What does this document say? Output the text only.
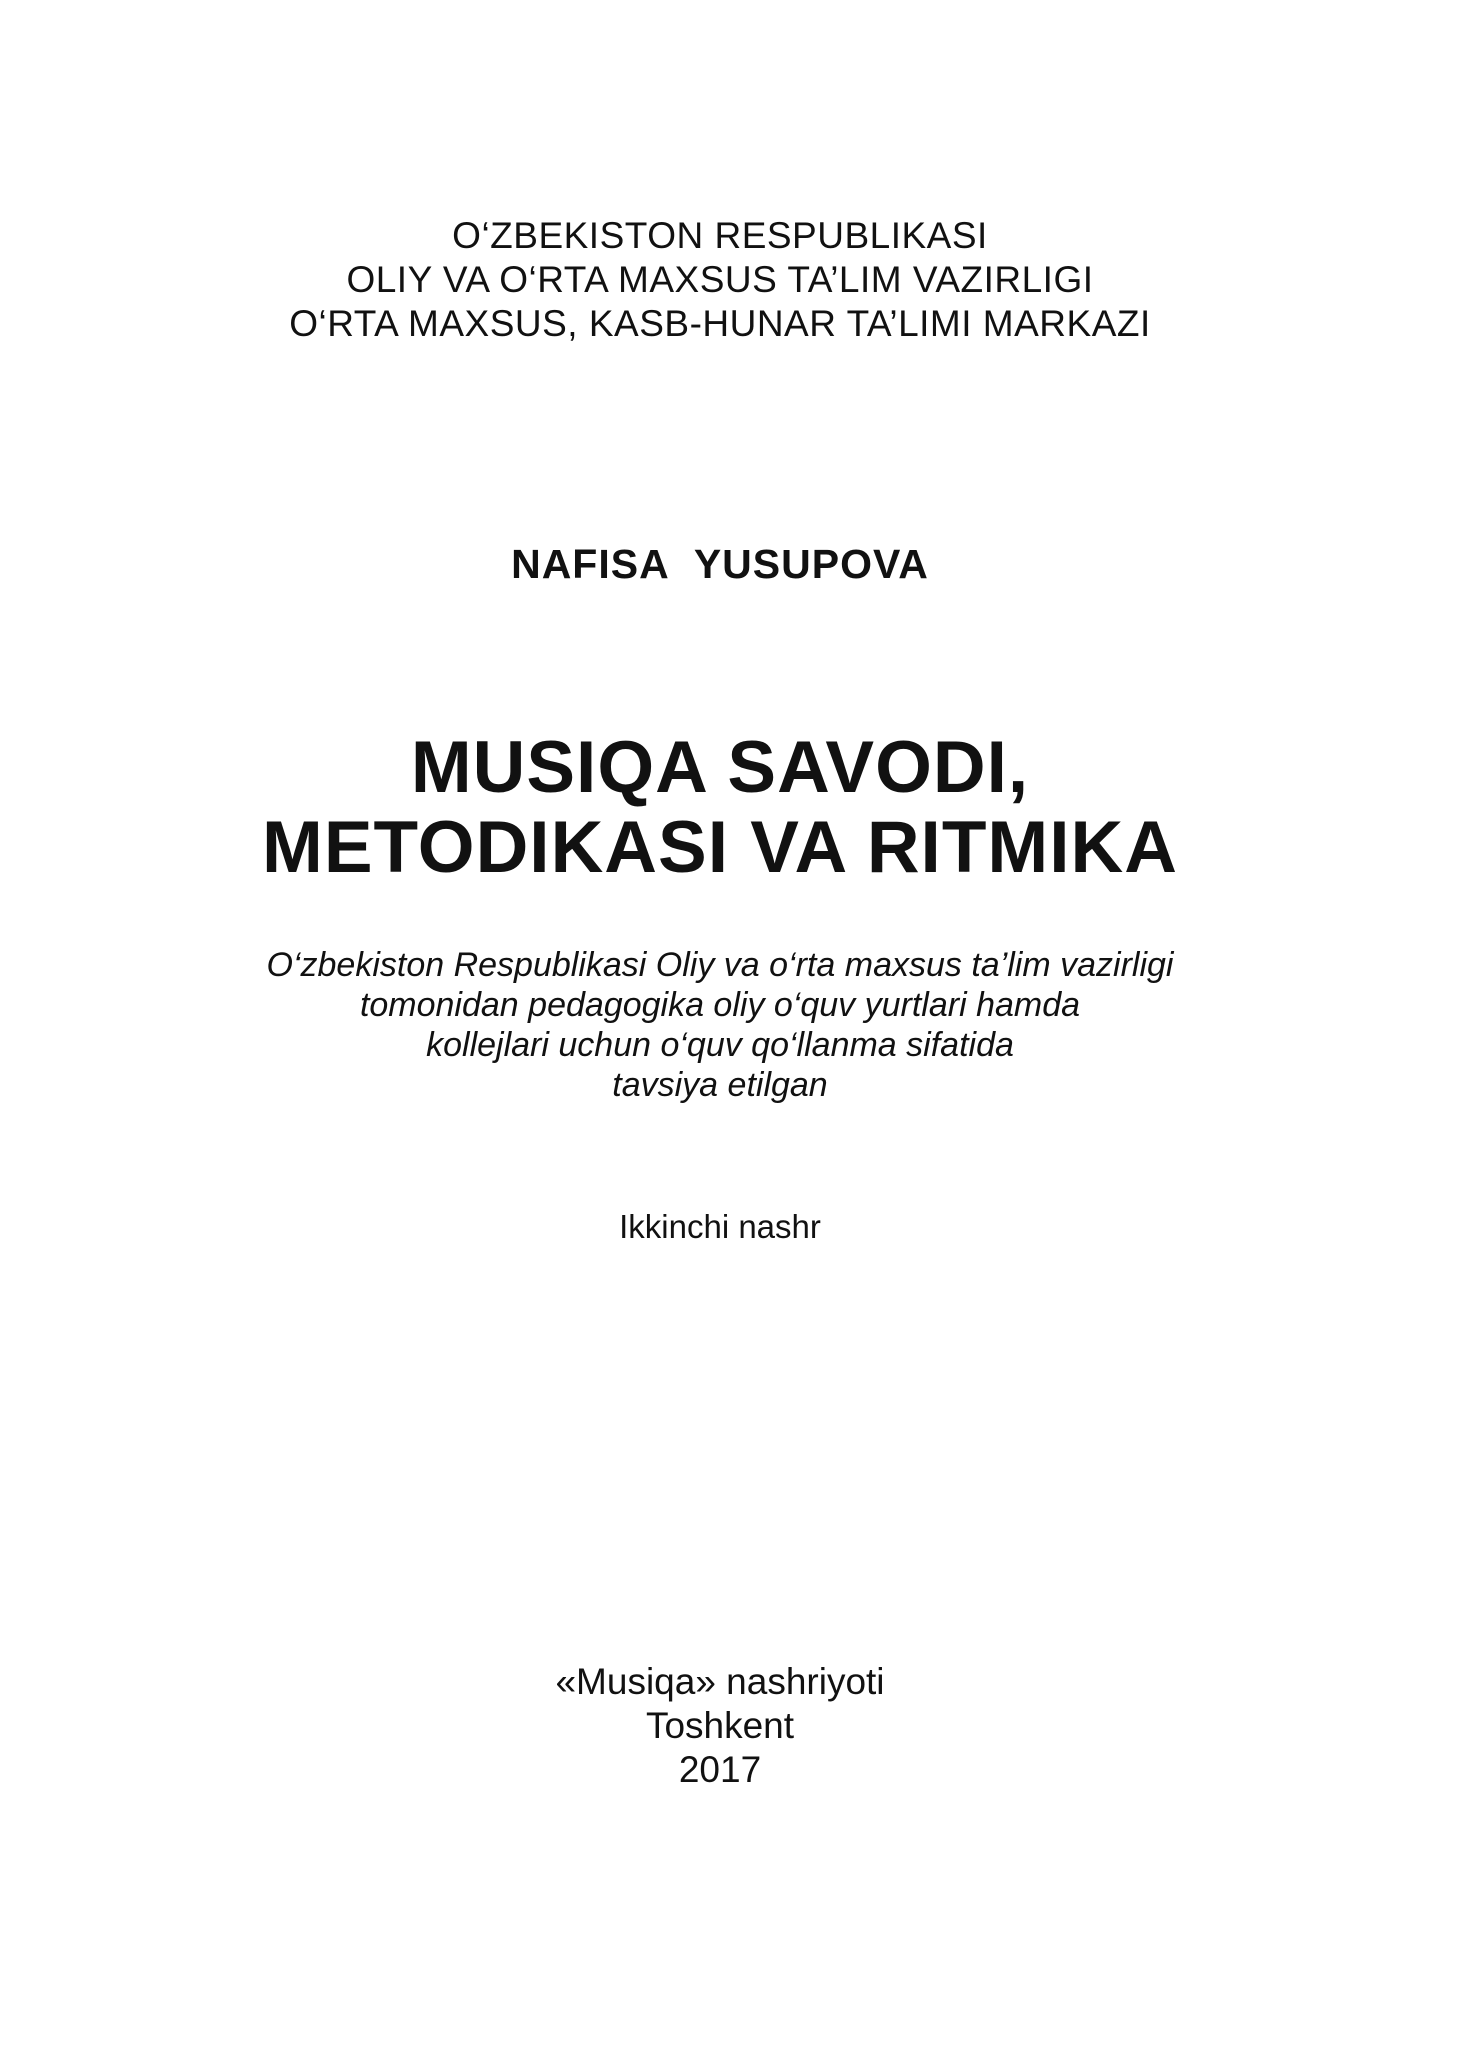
O‘ZBEKISTON RESPUBLIKASI
OLIY VA O‘RTA MAXSUS TA’LIM VAZIRLIGI
O‘RTA MAXSUS, KASB-HUNAR TA’LIMI MARKAZI
NAFISA YUSUPOVA
MUSIQA SAVODI,
METODIKASI VA RITMIKA
O‘zbekiston Respublikasi Oliy va o‘rta maxsus ta’lim vazirligi
tomonidan pedagogika oliy o‘quv yurtlari hamda
kollejlari uchun o‘quv qo‘llanma sifatida
tavsiya etilgan
Ikkinchi nashr
«Musiqa» nashriyoti
Toshkent
2017
